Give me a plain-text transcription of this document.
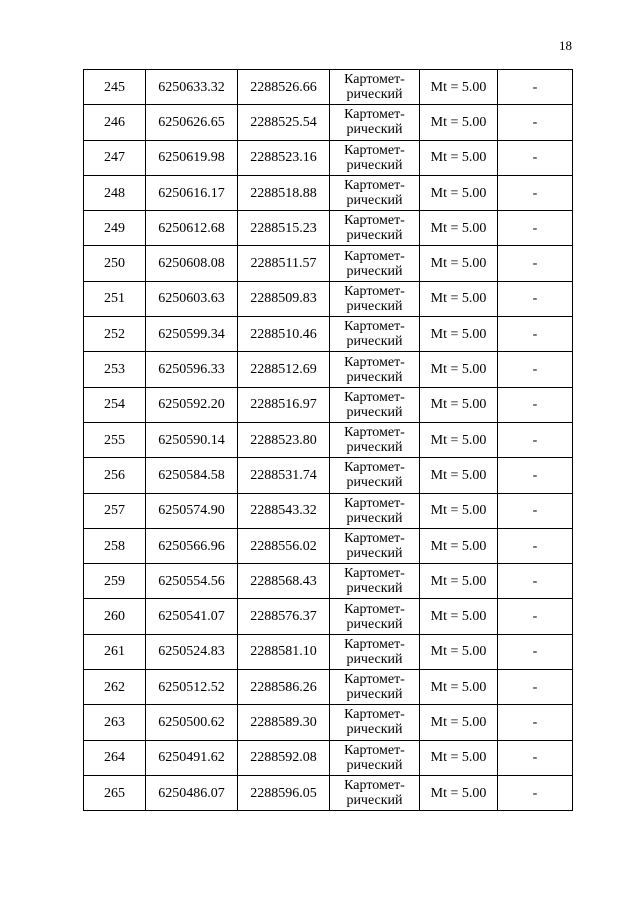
18
245	6250633.32	2288526.66	Картомет-
рический	Mt = 5.00	-
246	6250626.65	2288525.54	Картомет-
рический	Mt = 5.00	-
247	6250619.98	2288523.16	Картомет-
рический	Mt = 5.00	-
248	6250616.17	2288518.88	Картомет-
рический	Mt = 5.00	-
249	6250612.68	2288515.23	Картомет-
рический	Mt = 5.00	-
250	6250608.08	2288511.57	Картомет-
рический	Mt = 5.00	-
251	6250603.63	2288509.83	Картомет-
рический	Mt = 5.00	-
252	6250599.34	2288510.46	Картомет-
рический	Mt = 5.00	-
253	6250596.33	2288512.69	Картомет-
рический	Mt = 5.00	-
254	6250592.20	2288516.97	Картомет-
рический	Mt = 5.00	-
255	6250590.14	2288523.80	Картомет-
рический	Mt = 5.00	-
256	6250584.58	2288531.74	Картомет-
рический	Mt = 5.00	-
257	6250574.90	2288543.32	Картомет-
рический	Mt = 5.00	-
258	6250566.96	2288556.02	Картомет-
рический	Mt = 5.00	-
259	6250554.56	2288568.43	Картомет-
рический	Mt = 5.00	-
260	6250541.07	2288576.37	Картомет-
рический	Mt = 5.00	-
261	6250524.83	2288581.10	Картомет-
рический	Mt = 5.00	-
262	6250512.52	2288586.26	Картомет-
рический	Mt = 5.00	-
263	6250500.62	2288589.30	Картомет-
рический	Mt = 5.00	-
264	6250491.62	2288592.08	Картомет-
рический	Mt = 5.00	-
265	6250486.07	2288596.05	Картомет-
рический	Mt = 5.00	-
